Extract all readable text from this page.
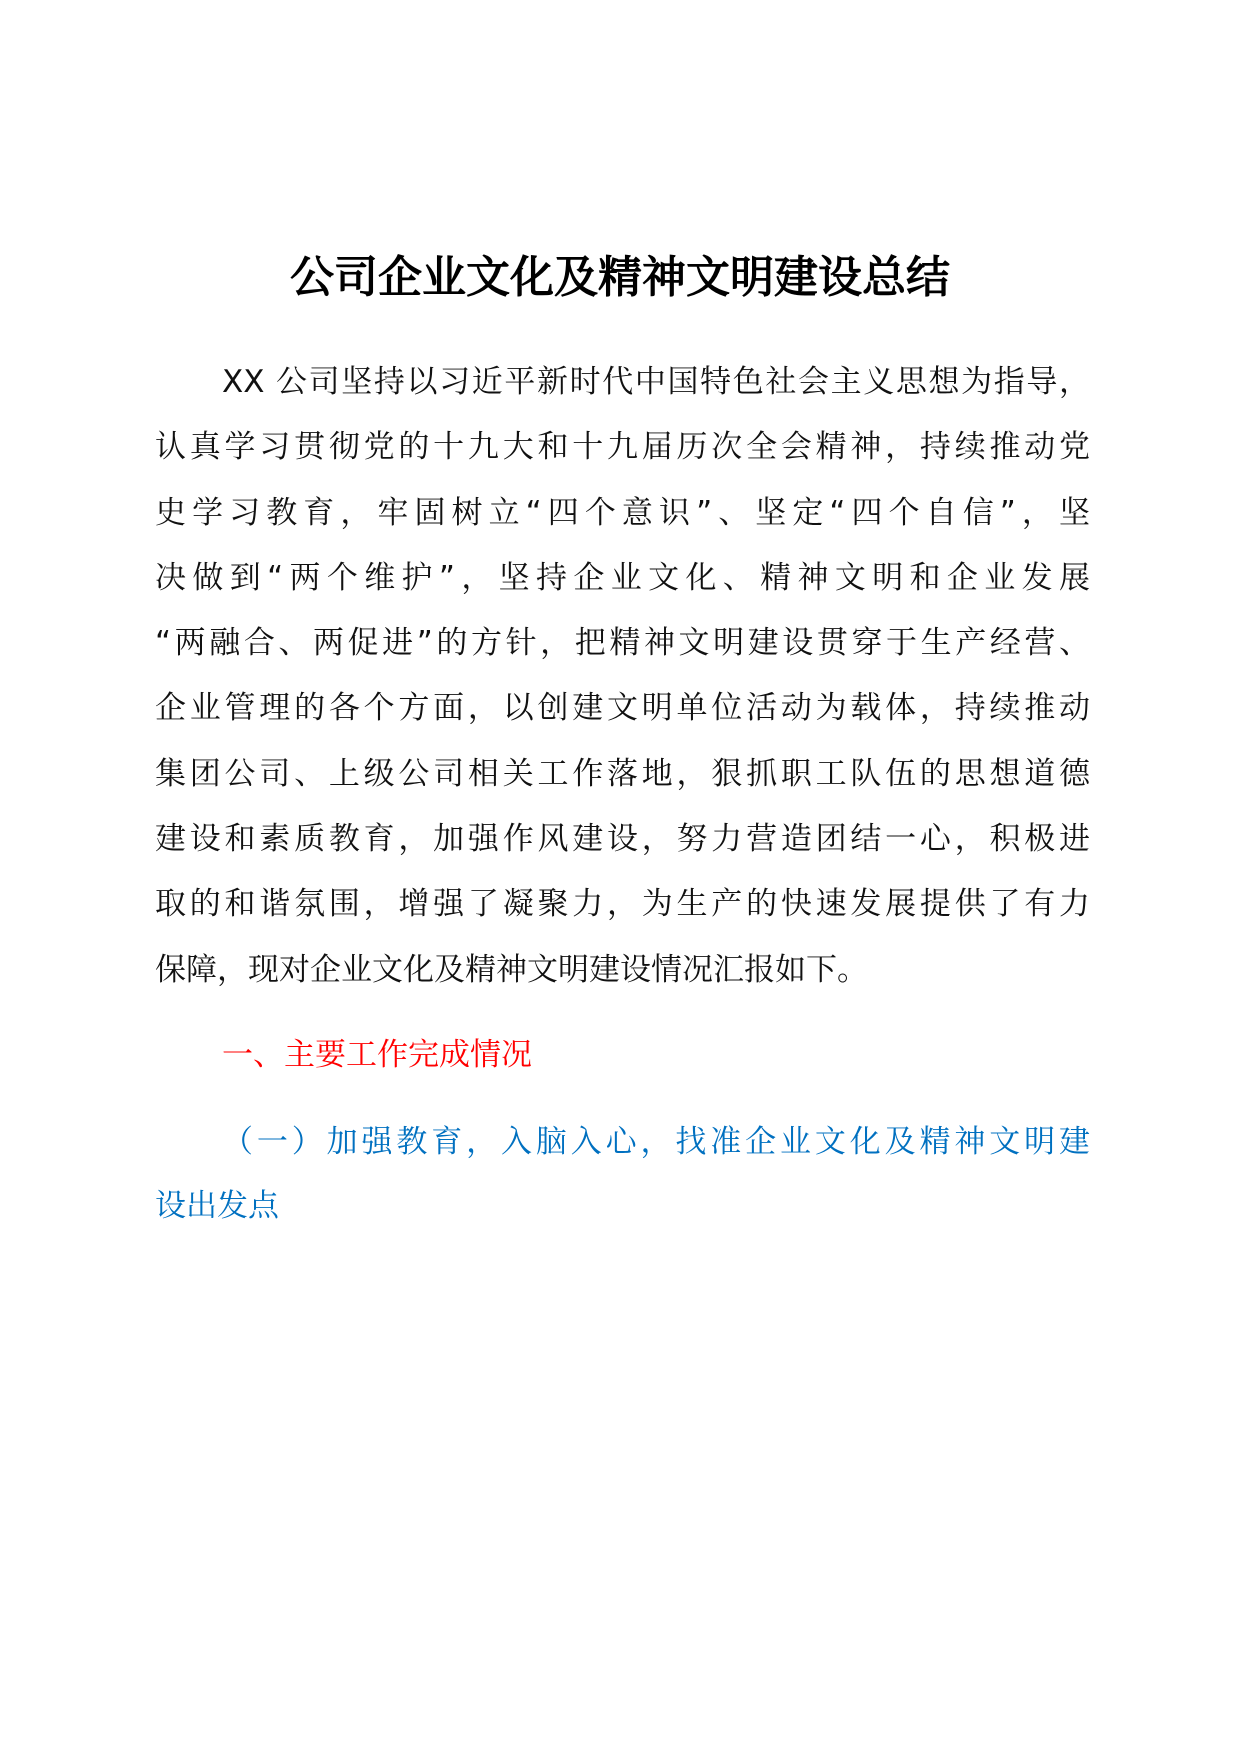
公司企业文化及精神文明建设总结
XX 公司坚持以习近平新时代中国特色社会主义思想为指导，
认真学习贯彻党的十九大和十九届历次全会精神，持续推动党
史学习教育，牢固树立“四个意识”、坚定“四个自信”，坚
决做到“两个维护”，坚持企业文化、精神文明和企业发展
“两融合、两促进”的方针，把精神文明建设贯穿于生产经营、
企业管理的各个方面，以创建文明单位活动为载体，持续推动
集团公司、上级公司相关工作落地，狠抓职工队伍的思想道德
建设和素质教育，加强作风建设，努力营造团结一心，积极进
取的和谐氛围，增强了凝聚力，为生产的快速发展提供了有力
保障，现对企业文化及精神文明建设情况汇报如下。
一、主要工作完成情况
（一）加强教育，入脑入心，找准企业文化及精神文明建
设出发点
